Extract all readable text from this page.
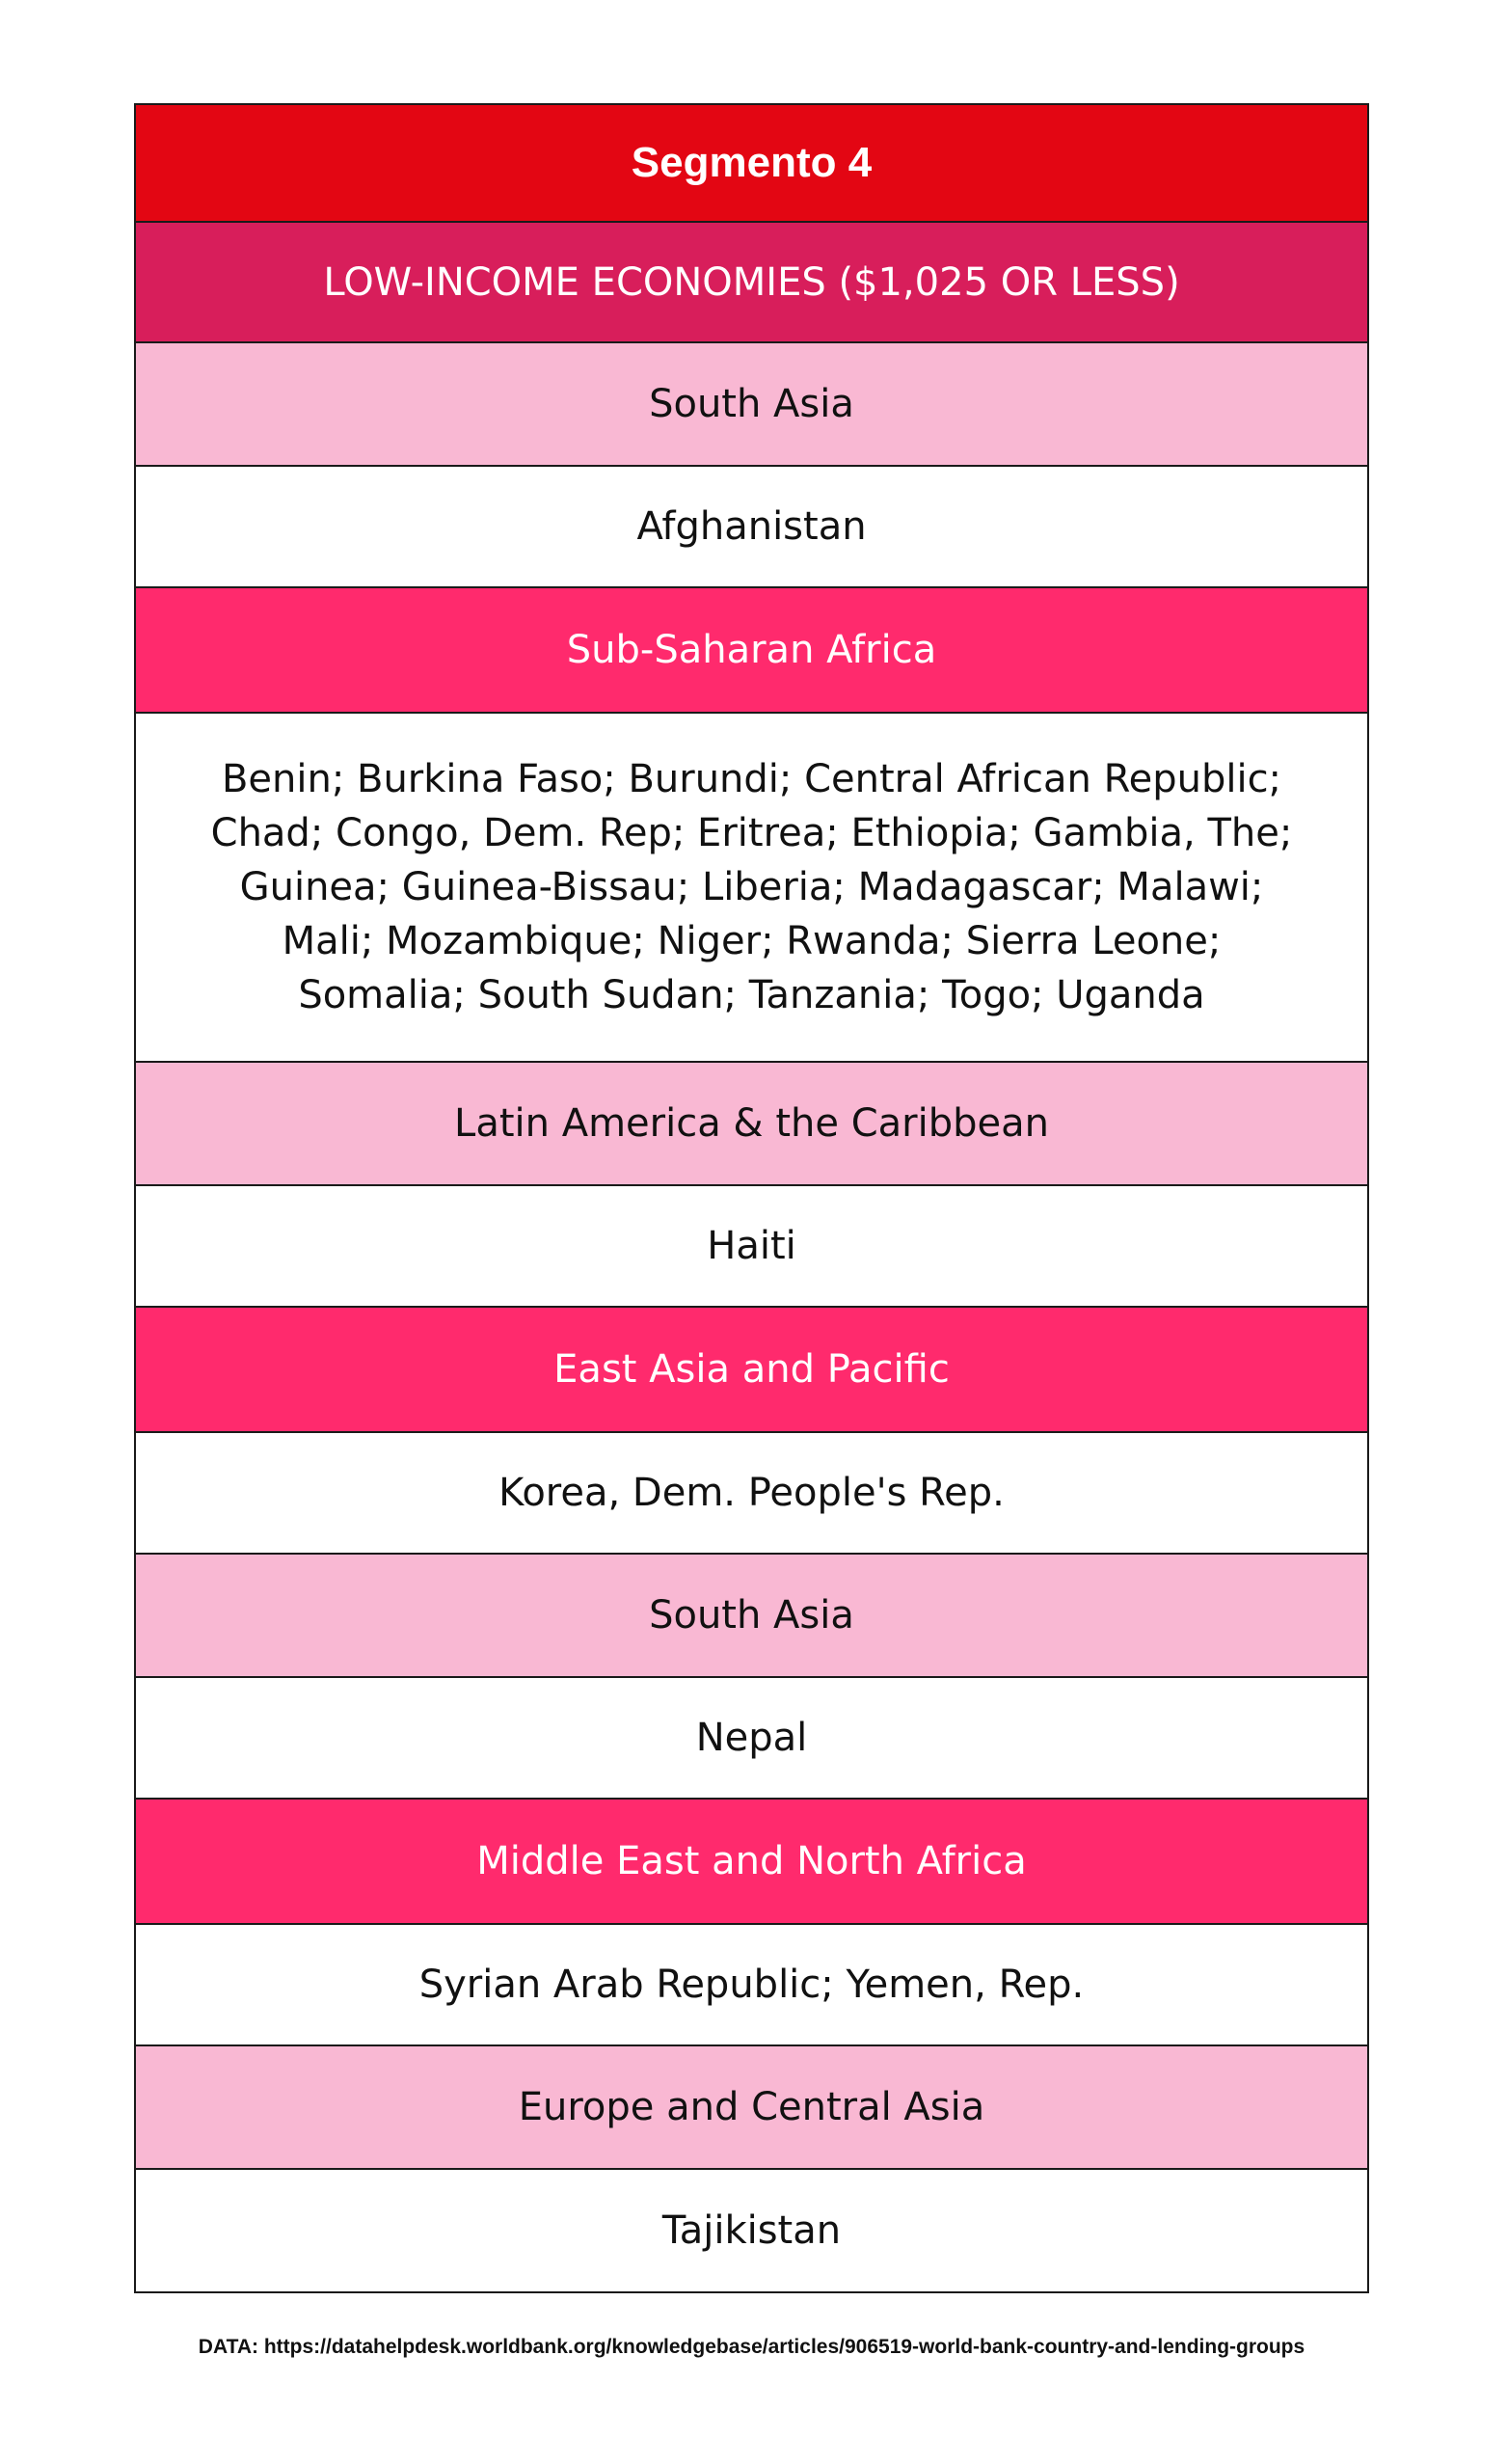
Segmento 4
LOW-INCOME ECONOMIES ($1,025 OR LESS)
South Asia
Afghanistan
Sub-Saharan Africa
Benin; Burkina Faso; Burundi; Central African Republic; Chad; Congo, Dem. Rep; Eritrea; Ethiopia; Gambia, The; Guinea; Guinea-Bissau; Liberia; Madagascar; Malawi; Mali; Mozambique; Niger; Rwanda; Sierra Leone; Somalia; South Sudan; Tanzania; Togo; Uganda
Latin America & the Caribbean
Haiti
East Asia and Pacific
Korea, Dem. People's Rep.
South Asia
Nepal
Middle East and North Africa
Syrian Arab Republic; Yemen, Rep.
Europe and Central Asia
Tajikistan
DATA: https://datahelpdesk.worldbank.org/knowledgebase/articles/906519-world-bank-country-and-lending-groups
